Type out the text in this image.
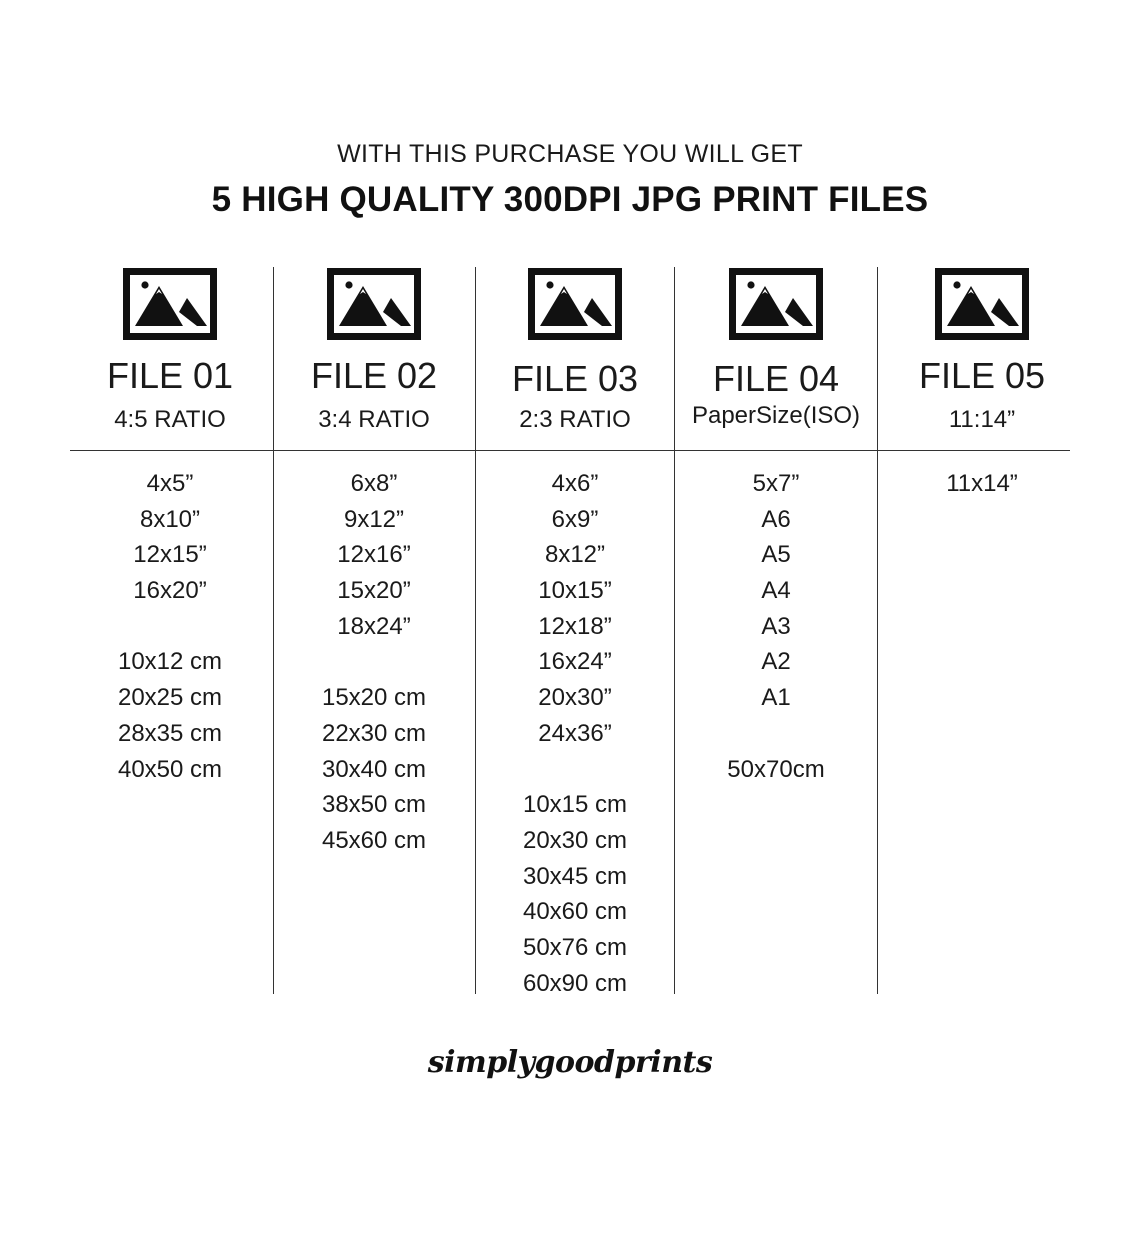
WITH THIS PURCHASE YOU WILL GET
5 HIGH QUALITY 300DPI JPG PRINT FILES
FILE 01
4:5 RATIO
4x5”
8x10”
12x15”
16x20”
10x12 cm
20x25 cm
28x35 cm
40x50 cm
FILE 02
3:4 RATIO
6x8”
9x12”
12x16”
15x20”
18x24”
15x20 cm
22x30 cm
30x40 cm
38x50 cm
45x60 cm
FILE 03
2:3 RATIO
4x6”
6x9”
8x12”
10x15”
12x18”
16x24”
20x30”
24x36”
10x15 cm
20x30 cm
30x45 cm
40x60 cm
50x76 cm
60x90 cm
FILE 04
PaperSize(ISO)
5x7”
A6
A5
A4
A3
A2
A1
50x70cm
FILE 05
11:14”
11x14”
simplygoodprints
